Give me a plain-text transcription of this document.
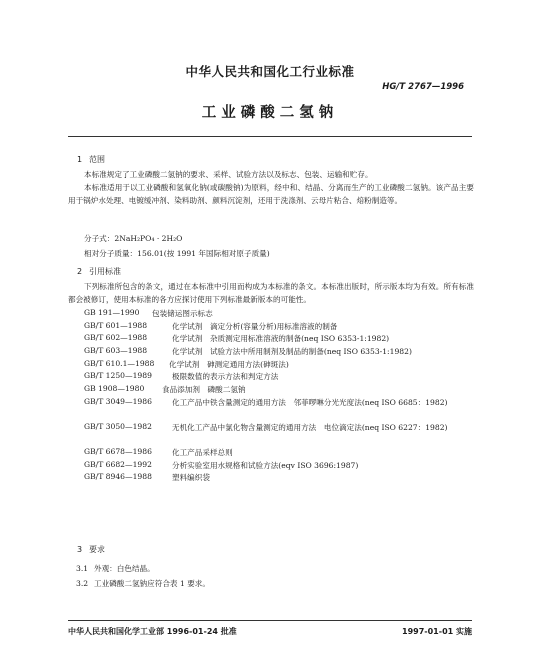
中华人民共和国化工行业标准
HG/T 2767—1996
工业磷酸二氢钠
1 范围
本标准规定了工业磷酸二氢钠的要求、采样、试验方法以及标志、包装、运输和贮存。
本标准适用于以工业磷酸和氢氧化钠(或碳酸钠)为原料，经中和、结晶、分离而生产的工业磷酸二氢钠。该产品主要用于锅炉水处理、电镀缓冲剂、染料助剂、颜料沉淀剂，还用于洗涤剂、云母片粘合、焙粉制造等。
分子式：2NaH₂PO₄ · 2H₂O
相对分子质量：156.01(按 1991 年国际相对原子质量)
2 引用标准
下列标准所包含的条文，通过在本标准中引用而构成为本标准的条文。本标准出版时，所示版本均为有效。所有标准都会被修订，使用本标准的各方应探讨使用下列标准最新版本的可能性。
GB 191—1990 包装储运图示标志
GB/T 601—1988	化学试剂　滴定分析(容量分析)用标准溶液的制备
GB/T 602—1988	化学试剂　杂质测定用标准溶液的制备(neq ISO 6353-1:1982)
GB/T 603—1988	化学试剂　试验方法中所用制剂及制品的制备(neq ISO 6353-1:1982)
GB/T 610.1—1988 化学试剂　砷测定通用方法(砷斑法)
GB/T 1250—1989	极限数值的表示方法和判定方法
GB 1908—1980 食品添加剂　磷酸二氢钠
GB/T 3049—1986	化工产品中铁含量测定的通用方法　邻菲啰啉分光光度法(neq ISO 6685：1982)
GB/T 3050—1982	无机化工产品中氯化物含量测定的通用方法　电位滴定法(neq ISO 6227：1982)
GB/T 6678—1986	化工产品采样总则
GB/T 6682—1992	分析实验室用水规格和试验方法(eqv ISO 3696:1987)
GB/T 8946—1988	塑料编织袋
3 要求
3.1 外观：白色结晶。
3.2 工业磷酸二氢钠应符合表 1 要求。
中华人民共和国化学工业部 1996-01-24 批准	1997-01-01 实施
